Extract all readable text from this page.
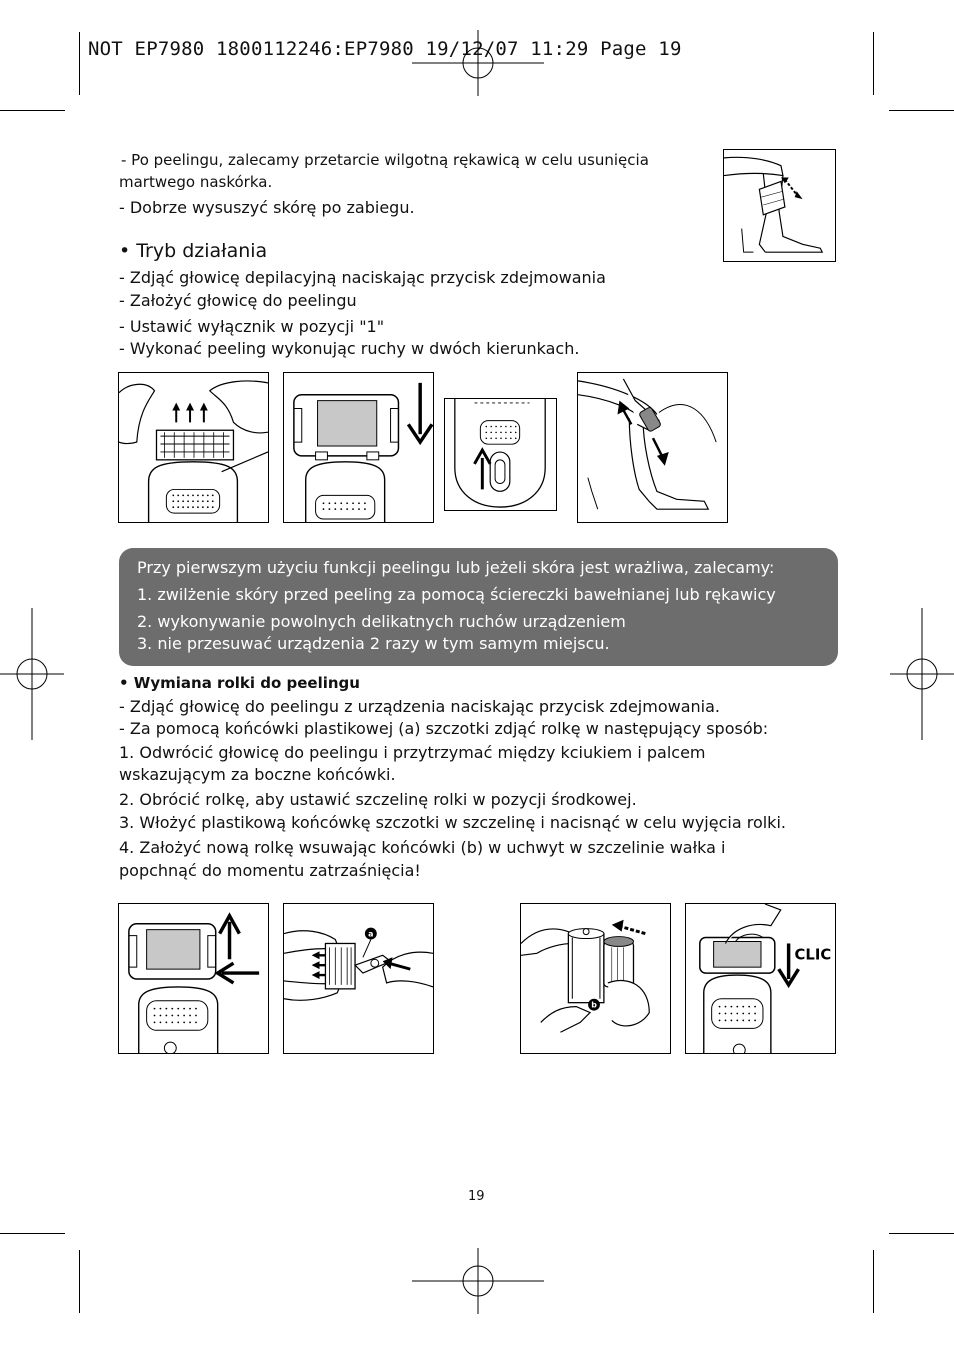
NOT EP7980 1800112246:EP7980 19/12/07 11:29 Page 19
- Po peelingu, zalecamy przetarcie wilgotną rękawicą w celu usunięcia
martwego naskórka.
- Dobrze wysuszyć skórę po zabiegu.
• Tryb działania
- Zdjąć głowicę depilacyjną naciskając przycisk zdejmowania
- Założyć głowicę do peelingu
- Ustawić wyłącznik w pozycji "1"
- Wykonać peeling wykonując ruchy w dwóch kierunkach.
Przy pierwszym użyciu funkcji peelingu lub jeżeli skóra jest wrażliwa, zalecamy:
1. zwilżenie skóry przed peeling za pomocą ściereczki bawełnianej lub rękawicy
2. wykonywanie powolnych delikatnych ruchów urządzeniem
3. nie przesuwać urządzenia 2 razy w tym samym miejscu.
• Wymiana rolki do peelingu
- Zdjąć głowicę do peelingu z urządzenia naciskając przycisk zdejmowania.
- Za pomocą końcówki plastikowej (a) szczotki zdjąć rolkę w następujący sposób:
1. Odwrócić głowicę do peelingu i przytrzymać między kciukiem i palcem
wskazującym za boczne końcówki.
2. Obrócić rolkę, aby ustawić szczelinę rolki w pozycji środkowej.
3. Włożyć plastikową końcówkę szczotki w szczelinę i nacisnąć w celu wyjęcia rolki.
4. Założyć nową rolkę wsuwając końcówki (b) w uchwyt w szczelinie wałka i
popchnąć do momentu zatrzaśnięcia!
a
b
CLIC
19
